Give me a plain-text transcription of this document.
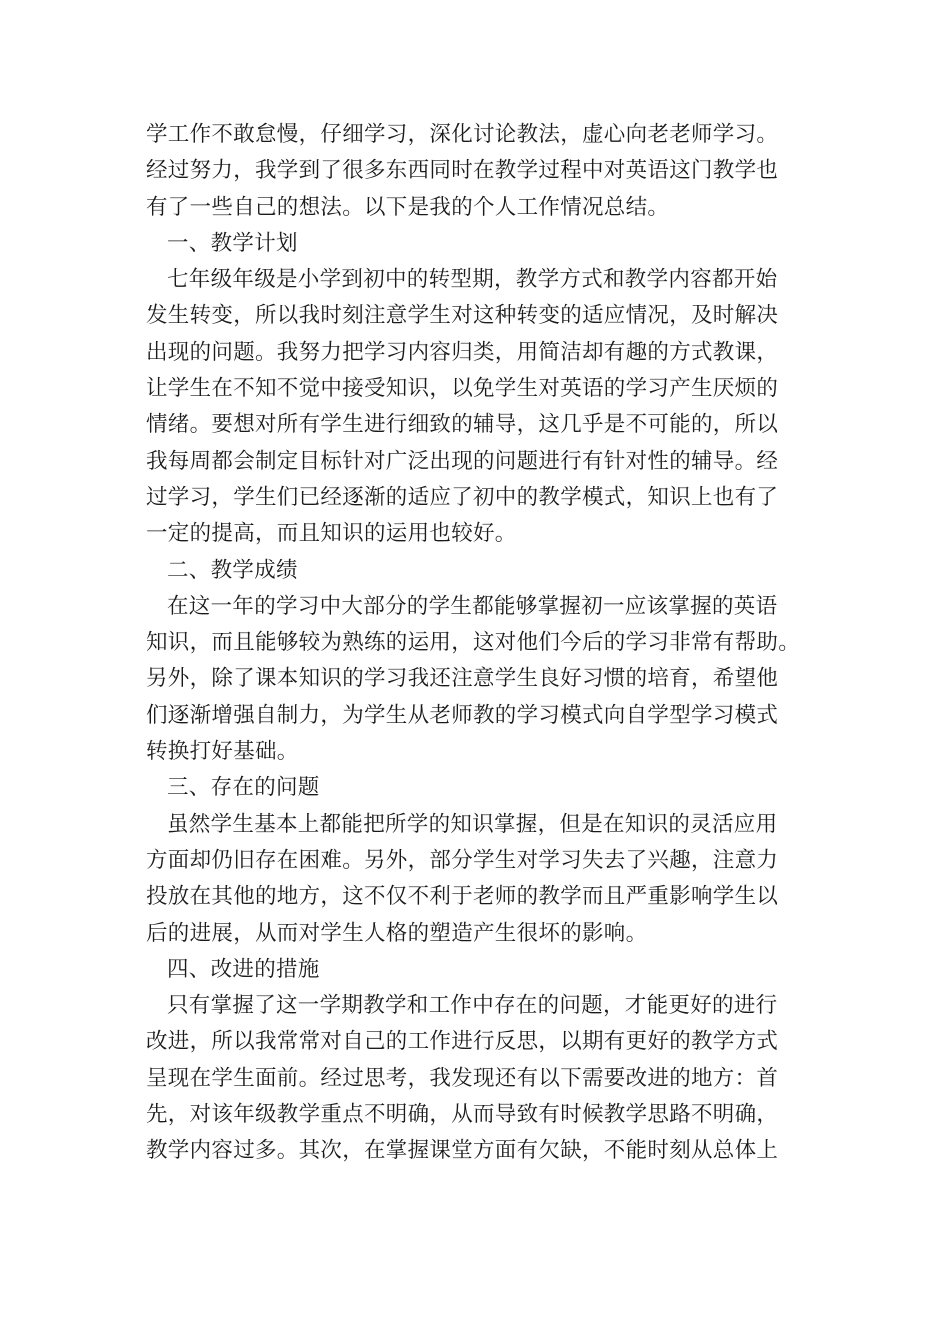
学工作不敢怠慢，仔细学习，深化讨论教法，虚心向老老师学习。
经过努力，我学到了很多东西同时在教学过程中对英语这门教学也
有了一些自己的想法。以下是我的个人工作情况总结。
一、教学计划
七年级年级是小学到初中的转型期，教学方式和教学内容都开始
发生转变，所以我时刻注意学生对这种转变的适应情况，及时解决
出现的问题。我努力把学习内容归类，用简洁却有趣的方式教课，
让学生在不知不觉中接受知识，以免学生对英语的学习产生厌烦的
情绪。要想对所有学生进行细致的辅导，这几乎是不可能的，所以
我每周都会制定目标针对广泛出现的问题进行有针对性的辅导。经
过学习，学生们已经逐渐的适应了初中的教学模式，知识上也有了
一定的提高，而且知识的运用也较好。
二、教学成绩
在这一年的学习中大部分的学生都能够掌握初一应该掌握的英语
知识，而且能够较为熟练的运用，这对他们今后的学习非常有帮助。
另外，除了课本知识的学习我还注意学生良好习惯的培育，希望他
们逐渐增强自制力，为学生从老师教的学习模式向自学型学习模式
转换打好基础。
三、存在的问题
虽然学生基本上都能把所学的知识掌握，但是在知识的灵活应用
方面却仍旧存在困难。另外，部分学生对学习失去了兴趣，注意力
投放在其他的地方，这不仅不利于老师的教学而且严重影响学生以
后的进展，从而对学生人格的塑造产生很坏的影响。
四、改进的措施
只有掌握了这一学期教学和工作中存在的问题，才能更好的进行
改进，所以我常常对自己的工作进行反思，以期有更好的教学方式
呈现在学生面前。经过思考，我发现还有以下需要改进的地方：首
先，对该年级教学重点不明确，从而导致有时候教学思路不明确，
教学内容过多。其次，在掌握课堂方面有欠缺，不能时刻从总体上
